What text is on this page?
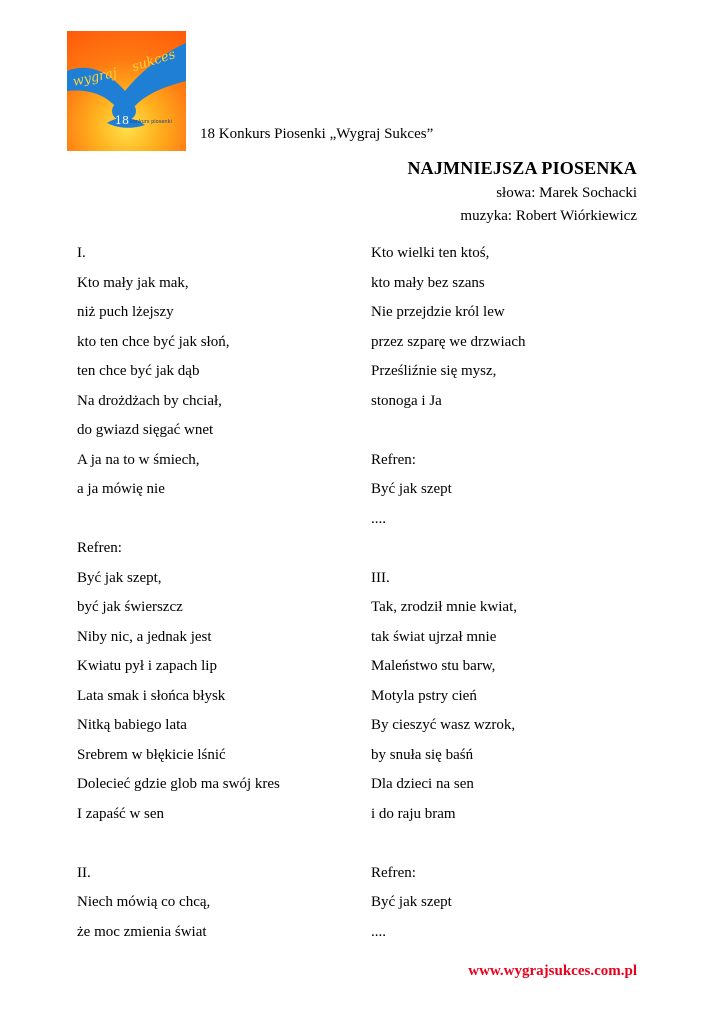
wygraj
sukces
18 konkurs piosenki
18 Konkurs Piosenki „Wygraj Sukces”
NAJMNIEJSZA PIOSENKA
słowa: Marek Sochacki
muzyka: Robert Wiórkiewicz
I.
Kto mały jak mak,
niż puch lżejszy
kto ten chce być jak słoń,
ten chce być jak dąb
Na drożdżach by chciał,
do gwiazd sięgać wnet
A ja na to w śmiech,
a ja mówię nie
Refren:
Być jak szept,
być jak świerszcz
Niby nic, a jednak jest
Kwiatu pył i zapach lip
Lata smak i słońca błysk
Nitką babiego lata
Srebrem w błękicie lśnić
Dolecieć gdzie glob ma swój kres
I zapaść w sen
II.
Niech mówią co chcą,
że moc zmienia świat
Kto wielki ten ktoś,
kto mały bez szans
Nie przejdzie król lew
przez szparę we drzwiach
Prześliźnie się mysz,
stonoga i Ja
Refren:
Być jak szept
....
III.
Tak, zrodził mnie kwiat,
tak świat ujrzał mnie
Maleństwo stu barw,
Motyla pstry cień
By cieszyć wasz wzrok,
by snuła się baśń
Dla dzieci na sen
i do raju bram
Refren:
Być jak szept
....
www.wygrajsukces.com.pl
